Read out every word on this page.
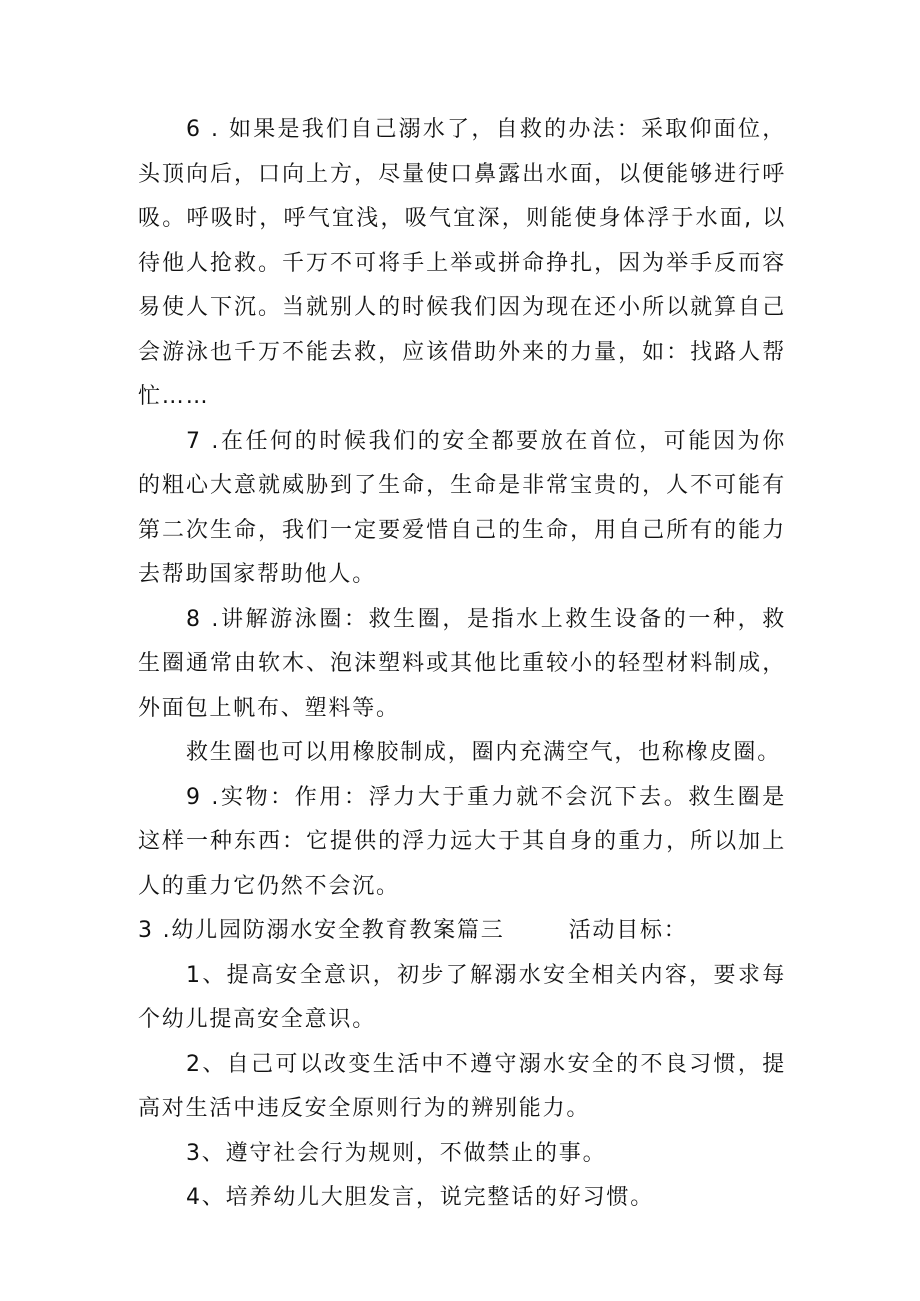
6 . 如果是我们自己溺水了，自救的办法：采取仰面位，头顶向后，口向上方，尽量使口鼻露出水面，以便能够进行呼吸。呼吸时，呼气宜浅，吸气宜深，则能使身体浮于水面, 以待他人抢救。千万不可将手上举或拼命挣扎，因为举手反而容易使人下沉。当就别人的时候我们因为现在还小所以就算自己会游泳也千万不能去救，应该借助外来的力量，如：找路人帮忙……

7 .在任何的时候我们的安全都要放在首位，可能因为你的粗心大意就威胁到了生命，生命是非常宝贵的，人不可能有第二次生命，我们一定要爱惜自己的生命，用自己所有的能力去帮助国家帮助他人。

8 .讲解游泳圈：救生圈，是指水上救生设备的一种，救生圈通常由软木、泡沫塑料或其他比重较小的轻型材料制成，外面包上帆布、塑料等。

救生圈也可以用橡胶制成，圈内充满空气，也称橡皮圈。

9 .实物：作用：浮力大于重力就不会沉下去。救生圈是这样一种东西：它提供的浮力远大于其自身的重力，所以加上人的重力它仍然不会沉。

3 .幼儿园防溺水安全教育教案篇三	活动目标：

1、提高安全意识，初步了解溺水安全相关内容，要求每个幼儿提高安全意识。

2、自己可以改变生活中不遵守溺水安全的不良习惯，提高对生活中违反安全原则行为的辨别能力。

3、遵守社会行为规则，不做禁止的事。

4、培养幼儿大胆发言，说完整话的好习惯。
